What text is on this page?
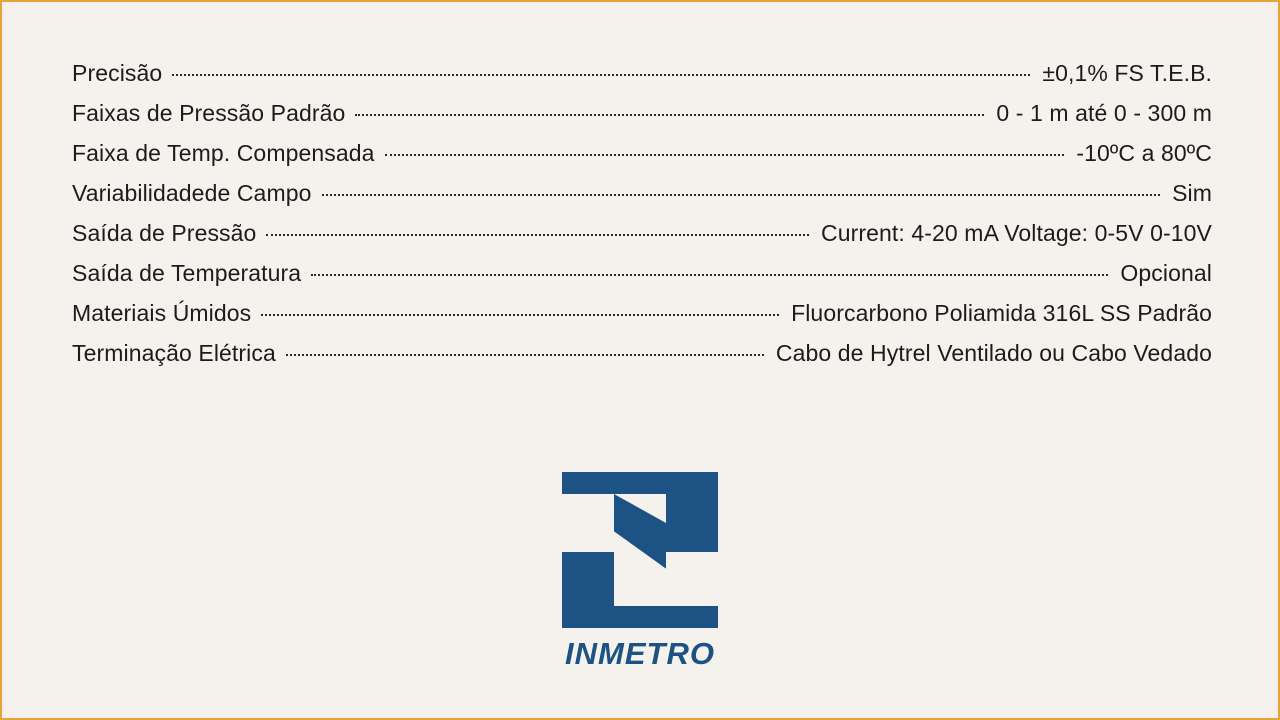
Precisão	±0,1% FS T.E.B.
Faixas de Pressão Padrão	0 - 1 m até 0 - 300 m
Faixa de Temp. Compensada	-10ºC a 80ºC
Variabilidadede Campo	Sim
Saída de Pressão	Current: 4-20 mA Voltage: 0-5V 0-10V
Saída de Temperatura	Opcional
Materiais Úmidos	Fluorcarbono Poliamida 316L SS Padrão
Terminação Elétrica	Cabo de Hytrel Ventilado ou Cabo Vedado
INMETRO
